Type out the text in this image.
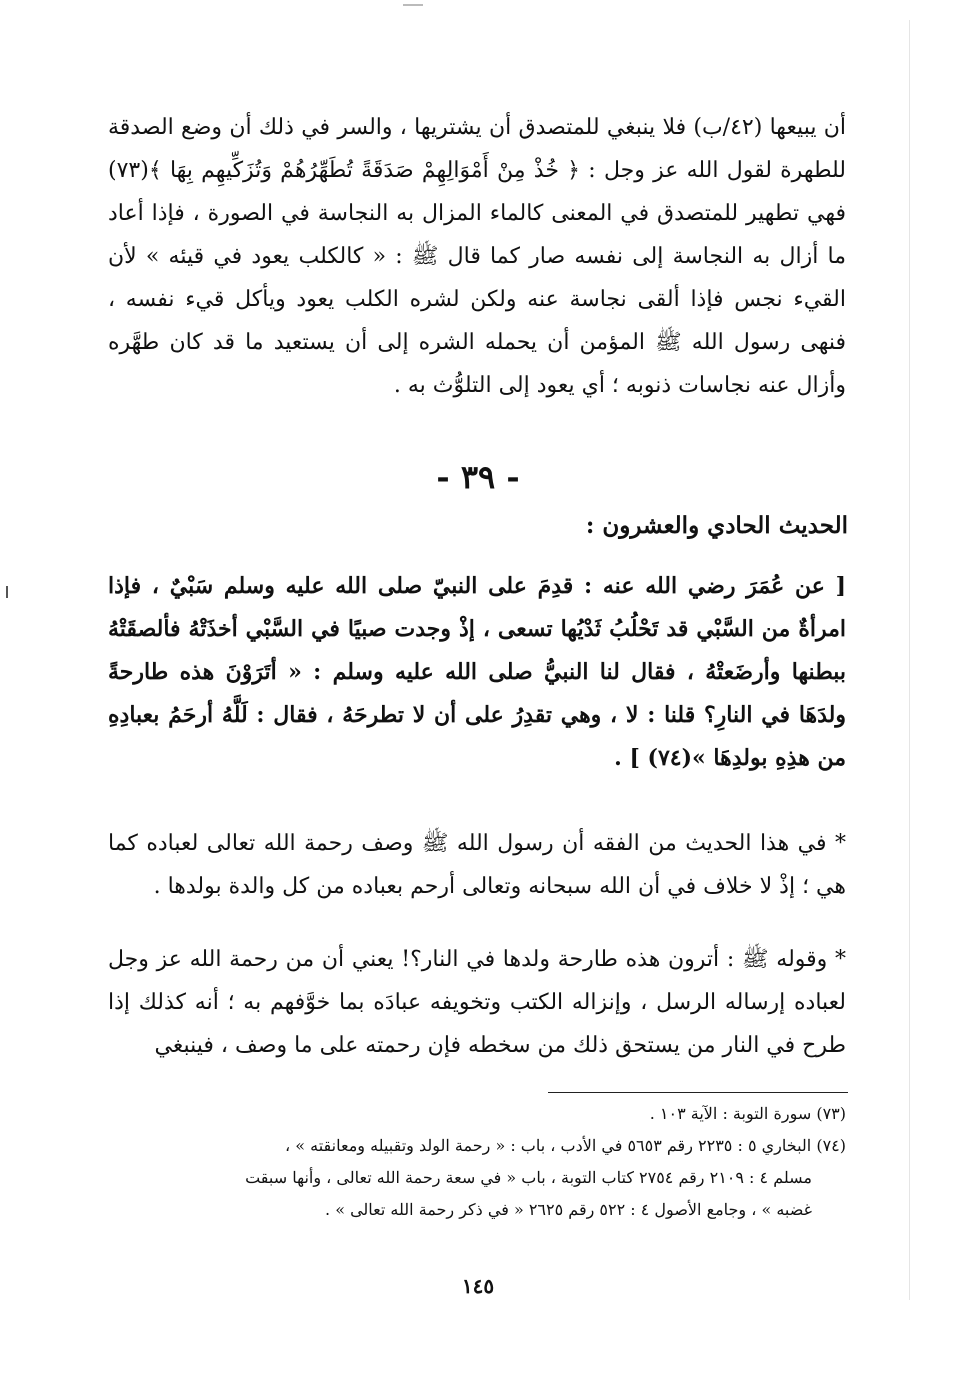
أن يبيعها (٤٢/ب) فلا ينبغي للمتصدق أن يشتريها ، والسر في ذلك أن وضع الصدقة للطهرة لقول الله عز وجل : ﴿ خُذْ مِنْ أَمْوَالِهِمْ صَدَقَةً تُطَهِّرُهُمْ وَتُزَكِّيهِم بِهَا ﴾(٧٣) فهي تطهير للمتصدق في المعنى كالماء المزال به النجاسة في الصورة ، فإذا أعاد ما أزال به النجاسة إلى نفسه صار كما قال ﷺ : « كالكلب يعود في قيئه » لأن القيء نجس فإذا ألقى نجاسة عنه ولكن لشره الكلب يعود ويأكل قيء نفسه ، فنهى رسول الله ﷺ المؤمن أن يحمله الشره إلى أن يستعيد ما قد كان طهَّره وأزال عنه نجاسات ذنوبه ؛ أي يعود إلى التلوُّث به .

- ٣٩ -
الحديث الحادي والعشرون :

[ عن عُمَرَ رضي الله عنه : قدِمَ على النبيّ صلى الله عليه وسلم سَبْيٌ ، فإذا امرأةٌ من السَّبْي قد تَحْلُبُ ثَدْيُها تسعى ، إذْ وجدت صبيًا في السَّبْي أخذَتْهُ فألصقَتْهُ ببطنها وأرضَعتْهُ ، فقال لنا النبيُّ صلى الله عليه وسلم : « أتَرَوْنَ هذه طارحةً ولدَهَا في النارِ؟ قلنا : لا ، وهي تقدِرُ على أن لا تطرحَهُ ، فقال : لَلَّهُ أرحَمُ بعبادِهِ من هذِهِ بولدِهَا »(٧٤) ] .

* في هذا الحديث من الفقه أن رسول الله ﷺ وصف رحمة الله تعالى لعباده كما هي ؛ إذْ لا خلاف في أن الله سبحانه وتعالى أرحم بعباده من كل والدة بولدها .

* وقوله ﷺ : أترون هذه طارحة ولدها في النار؟! يعني أن من رحمة الله عز وجل لعباده إرساله الرسل ، وإنزاله الكتب وتخويفه عبادَه بما خوَّفهم به ؛ أنه كذلك إذا طرح في النار من يستحق ذلك من سخطه فإن رحمته على ما وصف ، فينبغي

(٧٣) سورة التوبة : الآية ١٠٣ .
(٧٤) البخاري ٥ : ٢٢٣٥ رقم ٥٦٥٣ في الأدب ، باب : « رحمة الولد وتقبيله ومعانقته » ،
مسلم ٤ : ٢١٠٩ رقم ٢٧٥٤ كتاب التوبة ، باب « في سعة رحمة الله تعالى ، وأنها سبقت
غضبه » ، وجامع الأصول ٤ : ٥٢٢ رقم ٢٦٢٥ « في ذكر رحمة الله تعالى » .
١٤٥
